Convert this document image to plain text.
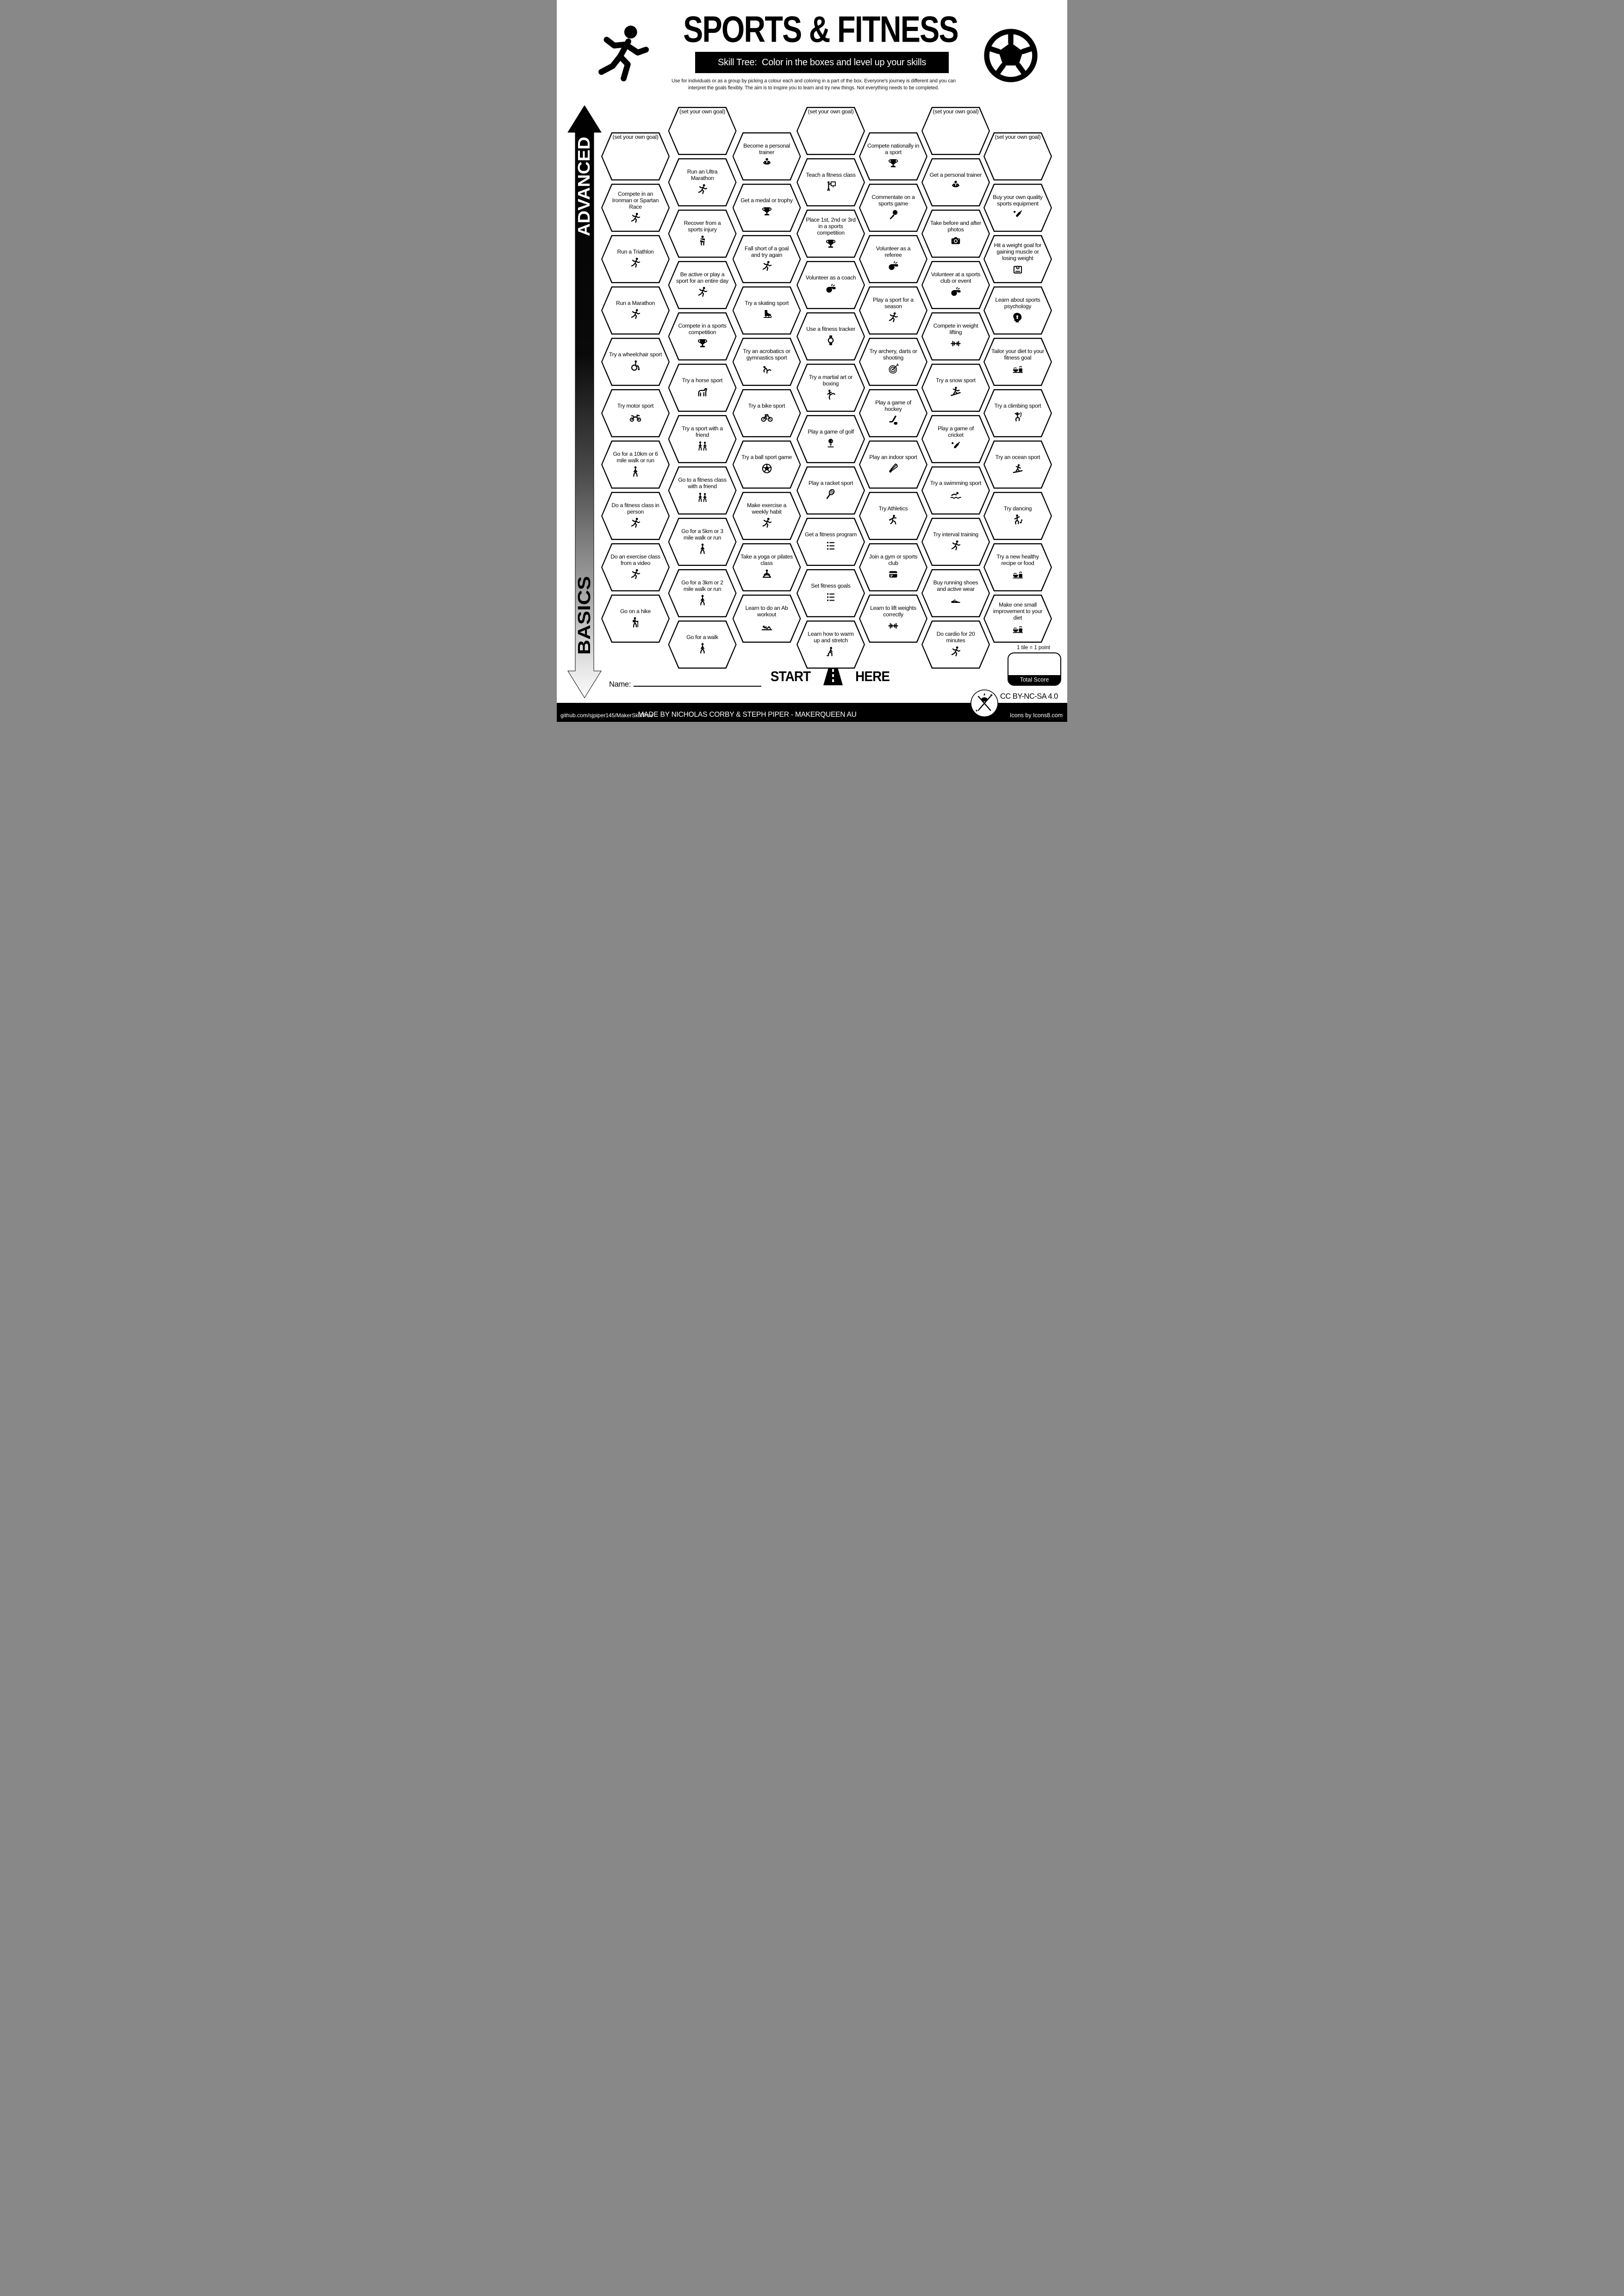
SPORTS & FITNESS
Skill Tree:  Color in the boxes and level up your skills
Use for individuals or as a group by picking a colour each and coloring in a part of the box. Everyone's journey is different and you can
interpret the goals flexibly. The aim is to inspire you to learn and try new things. Not everything needs to be completed.
ADVANCED
BASICS
(set your own goal)
Compete in an Ironman or Spartan Race
Run a Triathlon
Run a Marathon
Try a wheelchair sport
Try motor sport
Go for a 10km or 6 mile walk or run
Do a fitness class in person
Do an exercise class from a video
Go on a hike
(set your own goal)
Run an Ultra Marathon
Recover from a sports injury
Be active or play a sport for an entire day
Compete in a sports competition
Try a horse sport
Try a sport with a friend
Go to a fitness class with a friend
Go for a 5km or 3 mile walk or run
Go for a 3km or 2 mile walk or run
Go for a walk
Become a personal trainer
Get a medal or trophy
Fall short of a goal and try again
Try a skating sport
Try an acrobatics or gymnastics sport
Try a bike sport
Try a ball sport game
Make exercise a weekly habit
Take a yoga or pilates class
Learn to do an Ab workout
(set your own goal)
Teach a fitness class
Place 1st, 2nd or 3rd in a sports competition
Volunteer as a coach
Use a fitness tracker
Try a martial art or boxing
Play a game of golf
Play a racket sport
Get a fitness program
Set fitness goals
Learn how to warm up and stretch
Compete nationally in a sport
Commentate on a sports game
Volunteer as a referee
Play a sport for a season
Try archery, darts or shooting
Play a game of hockey
Play an indoor sport
Try Athletics
Join a gym or sports club
Learn to lift weights correctly
(set your own goal)
Get a personal trainer
Take before and after photos
Volunteer at a sports club or event
Compete in weight lifting
Try a snow sport
Play a game of cricket
Try a swimming sport
Try interval training
Buy running shoes and active wear
Do cardio for 20 minutes
(set your own goal)
Buy your own quality sports equipment
Hit a weight goal for gaining muscle or losing weight
Learn about sports psychology
Tailor your diet to your fitness goal
Try a climbing sport
Try an ocean sport
Try dancing
Try a new healthy recipe or food
Make one small improvement to your diet
START	HERE
Name:
1 tile = 1 point
Total Score
CC BY-NC-SA 4.0
github.com/sjpiper145/MakerSkillTree
MADE BY NICHOLAS CORBY & STEPH PIPER - MAKERQUEEN AU	Icons by Icons8.com
